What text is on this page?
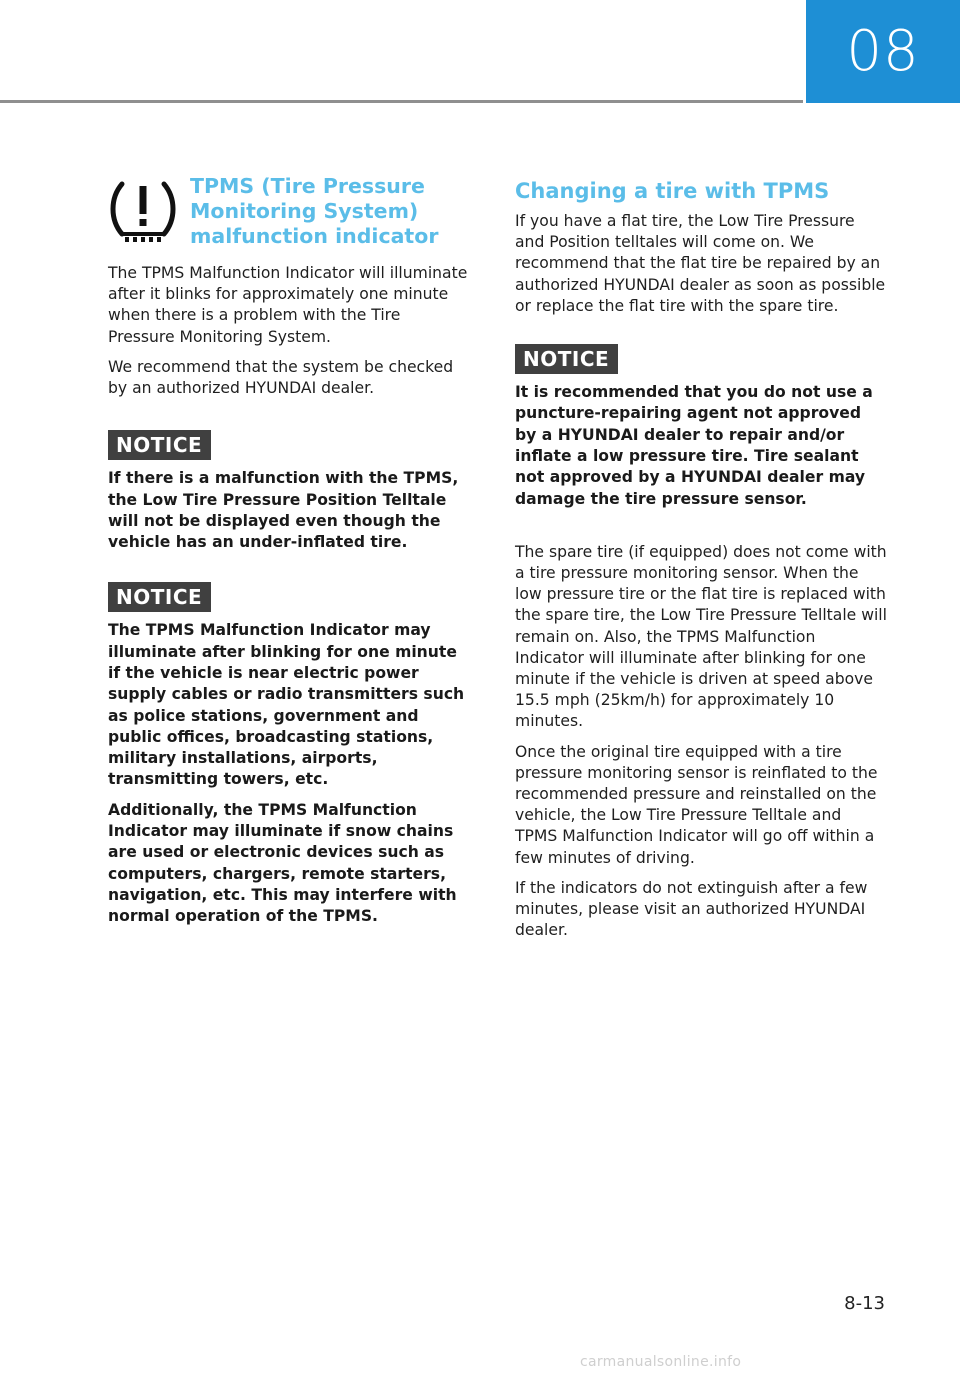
08
TPMS (Tire Pressure Monitoring System) malfunction indicator

The TPMS Malfunction Indicator will illuminate after it blinks for approximately one minute when there is a problem with the Tire Pressure Monitoring System.

We recommend that the system be checked by an authorized HYUNDAI dealer.

NOTICE

If there is a malfunction with the TPMS, the Low Tire Pressure Position Telltale will not be displayed even though the vehicle has an under-inflated tire.

NOTICE

The TPMS Malfunction Indicator may illuminate after blinking for one minute if the vehicle is near electric power supply cables or radio transmitters such as police stations, government and public offices, broadcasting stations, military installations, airports, transmitting towers, etc.

Additionally, the TPMS Malfunction Indicator may illuminate if snow chains are used or electronic devices such as computers, chargers, remote starters, navigation, etc. This may interfere with normal operation of the TPMS.

Changing a tire with TPMS

If you have a flat tire, the Low Tire Pressure and Position telltales will come on. We recommend that the flat tire be repaired by an authorized HYUNDAI dealer as soon as possible or replace the flat tire with the spare tire.

NOTICE

It is recommended that you do not use a puncture-repairing agent not approved by a HYUNDAI dealer to repair and/or inflate a low pressure tire. Tire sealant not approved by a HYUNDAI dealer may damage the tire pressure sensor.

The spare tire (if equipped) does not come with a tire pressure monitoring sensor. When the low pressure tire or the flat tire is replaced with the spare tire, the Low Tire Pressure Telltale will remain on. Also, the TPMS Malfunction Indicator will illuminate after blinking for one minute if the vehicle is driven at speed above 15.5 mph (25km/h) for approximately 10 minutes.

Once the original tire equipped with a tire pressure monitoring sensor is reinflated to the recommended pressure and reinstalled on the vehicle, the Low Tire Pressure Telltale and TPMS Malfunction Indicator will go off within a few minutes of driving.

If the indicators do not extinguish after a few minutes, please visit an authorized HYUNDAI dealer.

8-13
carmanualsonline.info
